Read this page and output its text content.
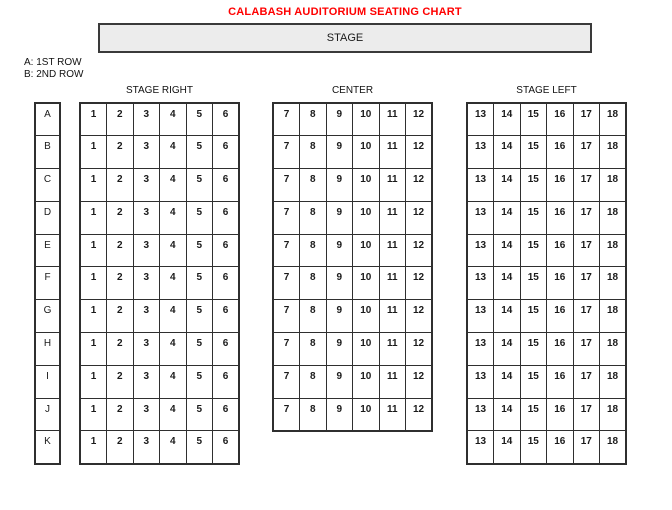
CALABASH AUDITORIUM SEATING CHART
STAGE
A: 1ST ROW
B: 2ND ROW
A
B
C
D
E
F
G
H
I
J
K
STAGE RIGHT
1	2	3	4	5	6
1	2	3	4	5	6
1	2	3	4	5	6
1	2	3	4	5	6
1	2	3	4	5	6
1	2	3	4	5	6
1	2	3	4	5	6
1	2	3	4	5	6
1	2	3	4	5	6
1	2	3	4	5	6
1	2	3	4	5	6
CENTER
7	8	9	10	11	12
7	8	9	10	11	12
7	8	9	10	11	12
7	8	9	10	11	12
7	8	9	10	11	12
7	8	9	10	11	12
7	8	9	10	11	12
7	8	9	10	11	12
7	8	9	10	11	12
7	8	9	10	11	12
STAGE LEFT
13	14	15	16	17	18
13	14	15	16	17	18
13	14	15	16	17	18
13	14	15	16	17	18
13	14	15	16	17	18
13	14	15	16	17	18
13	14	15	16	17	18
13	14	15	16	17	18
13	14	15	16	17	18
13	14	15	16	17	18
13	14	15	16	17	18
